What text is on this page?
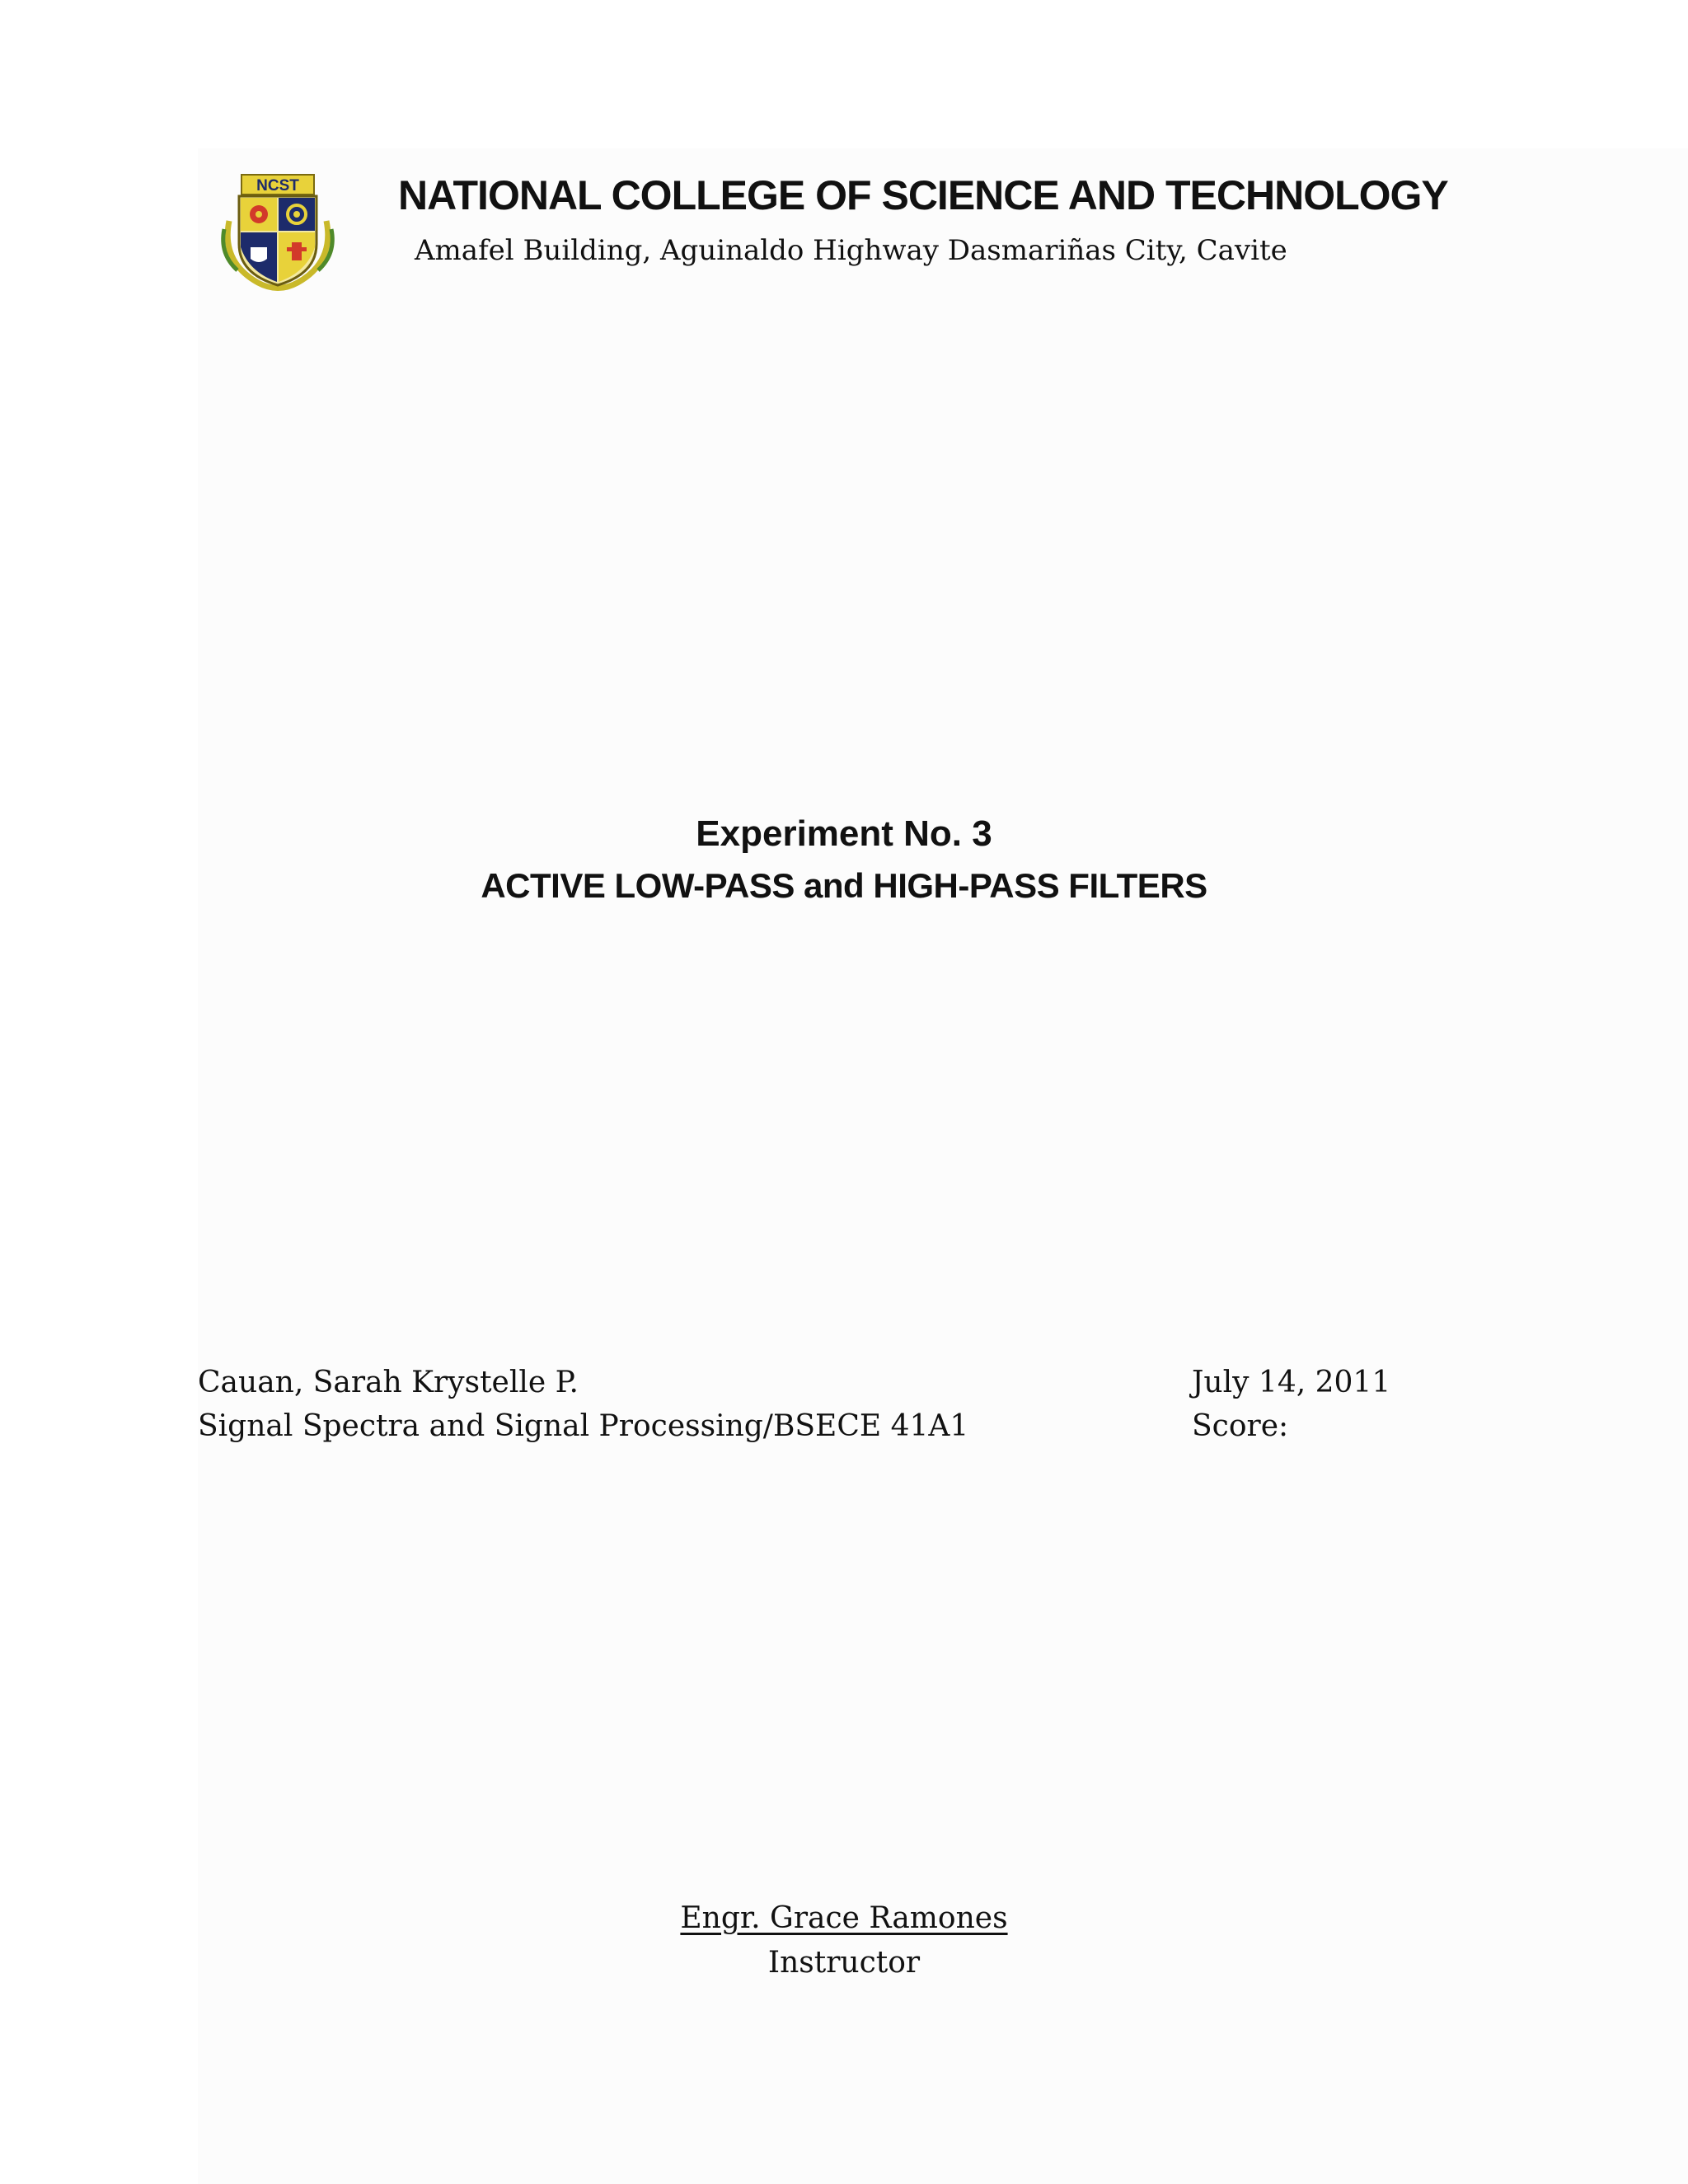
NCST NATIONAL COLLEGE OF SCIENCE AND TECHNOLOGY
Amafel Building, Aguinaldo Highway Dasmariñas City, Cavite
Experiment No. 3
ACTIVE LOW-PASS and HIGH-PASS FILTERS
Cauan, Sarah Krystelle P.
Signal Spectra and Signal Processing/BSECE 41A1
July 14, 2011
Score:
Engr. Grace Ramones
Instructor
